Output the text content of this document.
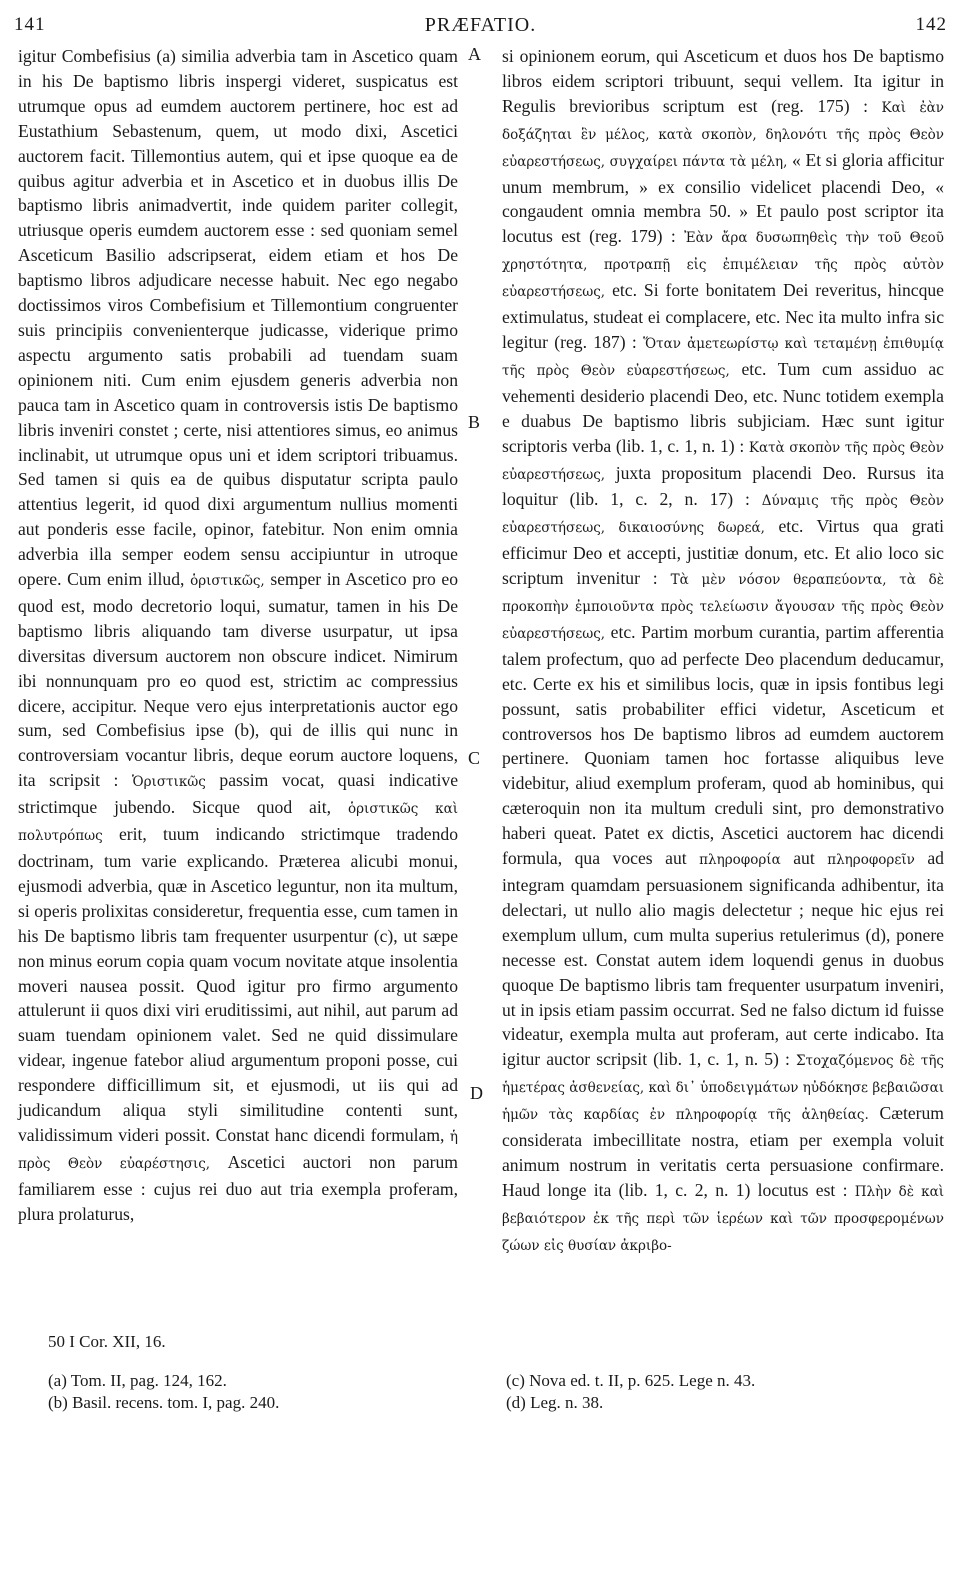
141	PRÆFATIO.	142

igitur Combefisius (a) similia adverbia tam in Ascetico quam in his De baptismo libris inspergi videret, suspicatus est utrumque opus ad eumdem auctorem pertinere, hoc est ad Eustathium Sebastenum, quem, ut modo dixi, Ascetici auctorem facit. Tillemontius autem, qui et ipse quoque ea de quibus agitur adverbia et in Ascetico et in duobus illis De baptismo libris animadvertit, inde quidem pariter collegit, utriusque operis eumdem auctorem esse : sed quoniam semel Asceticum Basilio adscripserat, eidem etiam et hos De baptismo libros adjudicare necesse habuit. Nec ego negabo doctissimos viros Combefisium et Tillemontium congruenter suis principiis convenienterque judicasse, viderique primo aspectu argumento satis probabili ad tuendam suam opinionem niti. Cum enim ejusdem generis adverbia non pauca tam in Ascetico quam in controversis istis De baptismo libris inveniri constet ; certe, nisi attentiores simus, eo animus inclinabit, ut utrumque opus uni et idem scriptori tribuamus. Sed tamen si quis ea de quibus disputatur scripta paulo attentius legerit, id quod dixi argumentum nullius momenti aut ponderis esse facile, opinor, fatebitur. Non enim omnia adverbia illa semper eodem sensu accipiuntur in utroque opere. Cum enim illud, ὁριστικῶς, semper in Ascetico pro eo quod est, modo decretorio loqui, sumatur, tamen in his De baptismo libris aliquando tam diverse usurpatur, ut ipsa diversitas diversum auctorem non obscure indicet. Nimirum ibi nonnunquam pro eo quod est, strictim ac compressius dicere, accipitur. Neque vero ejus interpretationis auctor ego sum, sed Combefisius ipse (b), qui de illis qui nunc in controversiam vocantur libris, deque eorum auctore loquens, ita scripsit : Ὁριστικῶς passim vocat, quasi indicative strictimque jubendo. Sicque quod ait, ὁριστικῶς καὶ πολυτρόπως erit, tuum indicando strictimque tradendo doctrinam, tum varie explicando. Præterea alicubi monui, ejusmodi adverbia, quæ in Ascetico leguntur, non ita multum, si operis prolixitas consideretur, frequentia esse, cum tamen in his De baptismo libris tam frequenter usurpentur (c), ut sæpe non minus eorum copia quam vocum novitate atque insolentia moveri nausea possit. Quod igitur pro firmo argumento attulerunt ii quos dixi viri eruditissimi, aut nihil, aut parum ad suam tuendam opinionem valet. Sed ne quid dissimulare videar, ingenue fatebor aliud argumentum proponi posse, cui respondere difficillimum sit, et ejusmodi, ut iis qui ad judicandum aliqua styli similitudine contenti sunt, validissimum videri possit. Constat hanc dicendi formulam, ἡ πρὸς Θεὸν εὐαρέστησις, Ascetici auctori non parum familiarem esse : cujus rei duo aut tria exempla proferam, plura prolaturus,

A
B
C
D

si opinionem eorum, qui Asceticum et duos hos De baptismo libros eidem scriptori tribuunt, sequi vellem. Ita igitur in Regulis brevioribus scriptum est (reg. 175) : Καὶ ἐὰν δοξάζηται ἓν μέλος, κατὰ σκοπὸν, δηλονότι τῆς πρὸς Θεὸν εὐαρεστήσεως, συγχαίρει πάντα τὰ μέλη, « Et si gloria afficitur unum membrum, » ex consilio videlicet placendi Deo, « congaudent omnia membra 50. » Et paulo post scriptor ita locutus est (reg. 179) : Ἐὰν ἄρα δυσωπηθεὶς τὴν τοῦ Θεοῦ χρηστότητα, προτραπῇ εἰς ἐπιμέλειαν τῆς πρὸς αὐτὸν εὐαρεστήσεως, etc. Si forte bonitatem Dei reveritus, hincque extimulatus, studeat ei complacere, etc. Nec ita multo infra sic legitur (reg. 187) : Ὅταν ἀμετεωρίστῳ καὶ τεταμένῃ ἐπιθυμίᾳ τῆς πρὸς Θεὸν εὐαρεστήσεως, etc. Tum cum assiduo ac vehementi desiderio placendi Deo, etc. Nunc totidem exempla e duabus De baptismo libris subjiciam. Hæc sunt igitur scriptoris verba (lib. 1, c. 1, n. 1) : Κατὰ σκοπὸν τῆς πρὸς Θεὸν εὐαρεστήσεως, juxta propositum placendi Deo. Rursus ita loquitur (lib. 1, c. 2, n. 17) : Δύναμις τῆς πρὸς Θεὸν εὐαρεστήσεως, δικαιοσύνης δωρεά, etc. Virtus qua grati efficimur Deo et accepti, justitiæ donum, etc. Et alio loco sic scriptum invenitur : Τὰ μὲν νόσον θεραπεύοντα, τὰ δὲ προκοπὴν ἐμποιοῦντα πρὸς τελείωσιν ἄγουσαν τῆς πρὸς Θεὸν εὐαρεστήσεως, etc. Partim morbum curantia, partim afferentia talem profectum, quo ad perfecte Deo placendum deducamur, etc. Certe ex his et similibus locis, quæ in ipsis fontibus legi possunt, satis probabiliter effici videtur, Asceticum et controversos hos De baptismo libros ad eumdem auctorem pertinere. Quoniam tamen hoc fortasse aliquibus leve videbitur, aliud exemplum proferam, quod ab hominibus, qui cæteroquin non ita multum creduli sint, pro demonstrativo haberi queat. Patet ex dictis, Ascetici auctorem hac dicendi formula, qua voces aut πληροφορία aut πληροφορεῖν ad integram quamdam persuasionem significanda adhibentur, ita delectari, ut nullo alio magis delectetur ; neque hic ejus rei exemplum ullum, cum multa superius retulerimus (d), ponere necesse est. Constat autem idem loquendi genus in duobus quoque De baptismo libris tam frequenter usurpatum inveniri, ut in ipsis etiam passim occurrat. Sed ne falso dictum id fuisse videatur, exempla multa aut proferam, aut certe indicabo. Ita igitur auctor scripsit (lib. 1, c. 1, n. 5) : Στοχαζόμενος δὲ τῆς ἡμετέρας ἀσθενείας, καὶ δι᾽ ὑποδειγμάτων ηὐδόκησε βεβαιῶσαι ἡμῶν τὰς καρδίας ἐν πληροφορίᾳ τῆς ἀληθείας. Cæterum considerata imbecillitate nostra, etiam per exempla voluit animum nostrum in veritatis certa persuasione confirmare. Haud longe ita (lib. 1, c. 2, n. 1) locutus est : Πλὴν δὲ καὶ βεβαιότερον ἐκ τῆς περὶ τῶν ἱερέων καὶ τῶν προσφερομένων ζώων εἰς θυσίαν ἀκριβο-

50 I Cor. XII, 16.
(a) Tom. II, pag. 124, 162.
(b) Basil. recens. tom. I, pag. 240.
(c) Nova ed. t. II, p. 625. Lege n. 43.
(d) Leg. n. 38.
